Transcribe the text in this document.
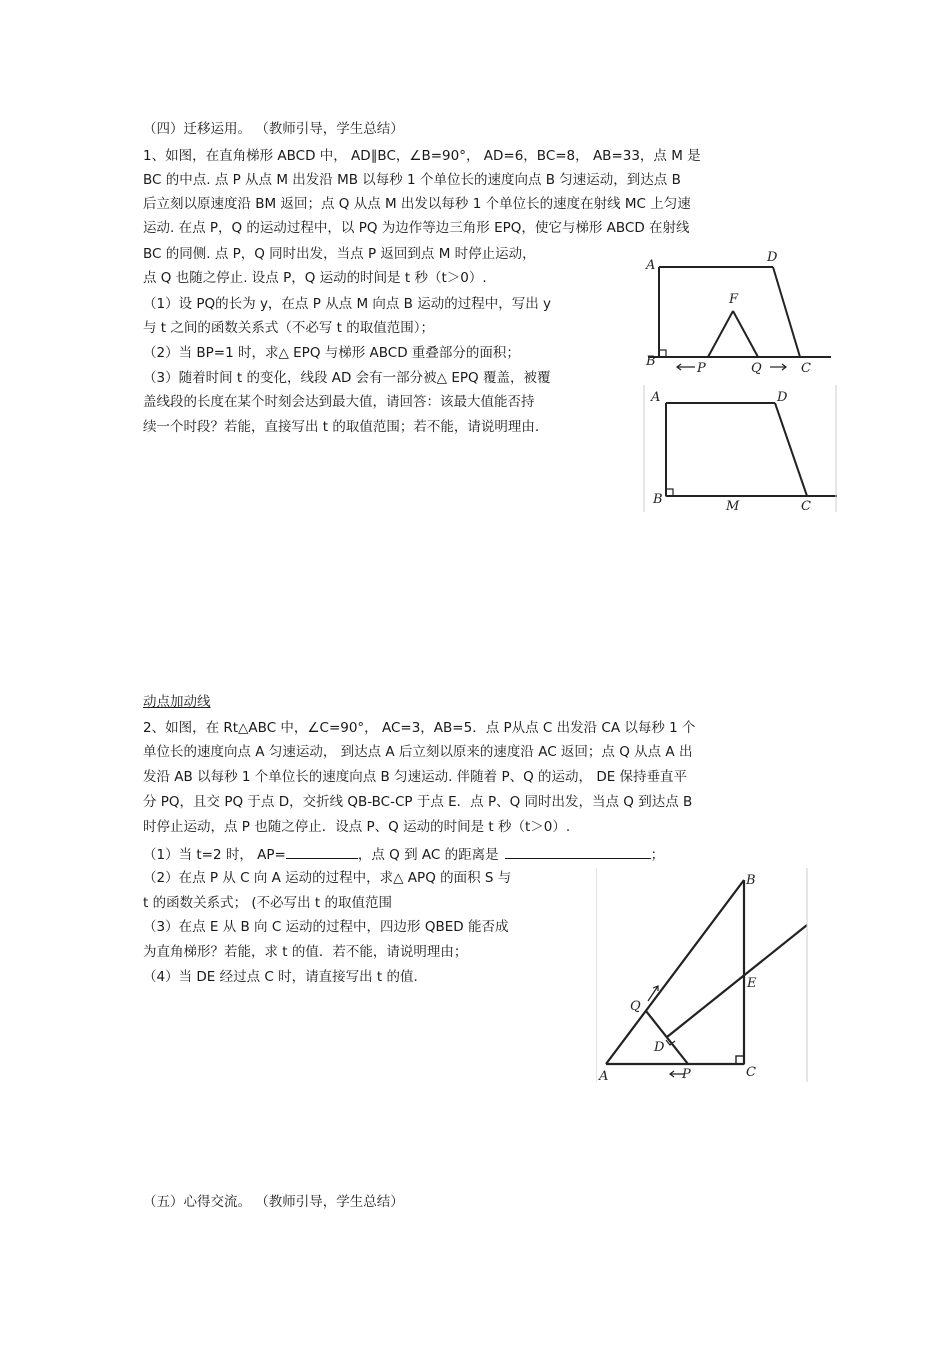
（四）迁移运用。 （教师引导，学生总结）
1、如图，在直角梯形 ABCD 中， AD∥BC，∠B=90°， AD=6，BC=8， AB=33，点 M 是
BC 的中点. 点 P 从点 M 出发沿 MB 以每秒 1 个单位长的速度向点 B 匀速运动，到达点 B
后立刻以原速度沿 BM 返回；点 Q 从点 M 出发以每秒 1 个单位长的速度在射线 MC 上匀速
运动. 在点 P，Q 的运动过程中，以 PQ 为边作等边三角形 EPQ，使它与梯形 ABCD 在射线
BC 的同侧. 点 P，Q 同时出发，当点 P 返回到点 M 时停止运动，
点 Q 也随之停止. 设点 P，Q 运动的时间是 t 秒（t＞0）.
（1）设 PQ的长为 y，在点 P 从点 M 向点 B 运动的过程中，写出 y
与 t 之间的函数关系式（不必写 t 的取值范围）；
（2）当 BP=1 时，求△ EPQ 与梯形 ABCD 重叠部分的面积；
（3）随着时间 t 的变化，线段 AD 会有一部分被△ EPQ 覆盖，被覆
盖线段的长度在某个时刻会达到最大值，请回答：该最大值能否持
续一个时段？若能，直接写出 t 的取值范围；若不能，请说明理由.
A
D
F
B	P	Q	C
A	D
B	M	C
动点加动线
2、如图，在 Rt△ABC 中，∠C=90°， AC=3，AB=5．点 P从点 C 出发沿 CA 以每秒 1 个
单位长的速度向点 A 匀速运动， 到达点 A 后立刻以原来的速度沿 AC 返回；点 Q 从点 A 出
发沿 AB 以每秒 1 个单位长的速度向点 B 匀速运动. 伴随着 P、Q 的运动， DE 保持垂直平
分 PQ，且交 PQ 于点 D，交折线 QB-BC-CP 于点 E．点 P、Q 同时出发，当点 Q 到达点 B
时停止运动，点 P 也随之停止．设点 P、Q 运动的时间是 t 秒（t＞0）.
（1）当 t=2 时， AP=	，点 Q 到 AC 的距离是	；
（2）在点 P 从 C 向 A 运动的过程中，求△ APQ 的面积 S 与
t 的函数关系式； (不必写出 t 的取值范围
（3）在点 E 从 B 向 C 运动的过程中，四边形 QBED 能否成
为直角梯形？若能，求 t 的值．若不能，请说明理由；
（4）当 DE 经过点 C 时，请直接写出 t 的值.
A
B
C
D
E
P
Q
（五）心得交流。 （教师引导，学生总结）
